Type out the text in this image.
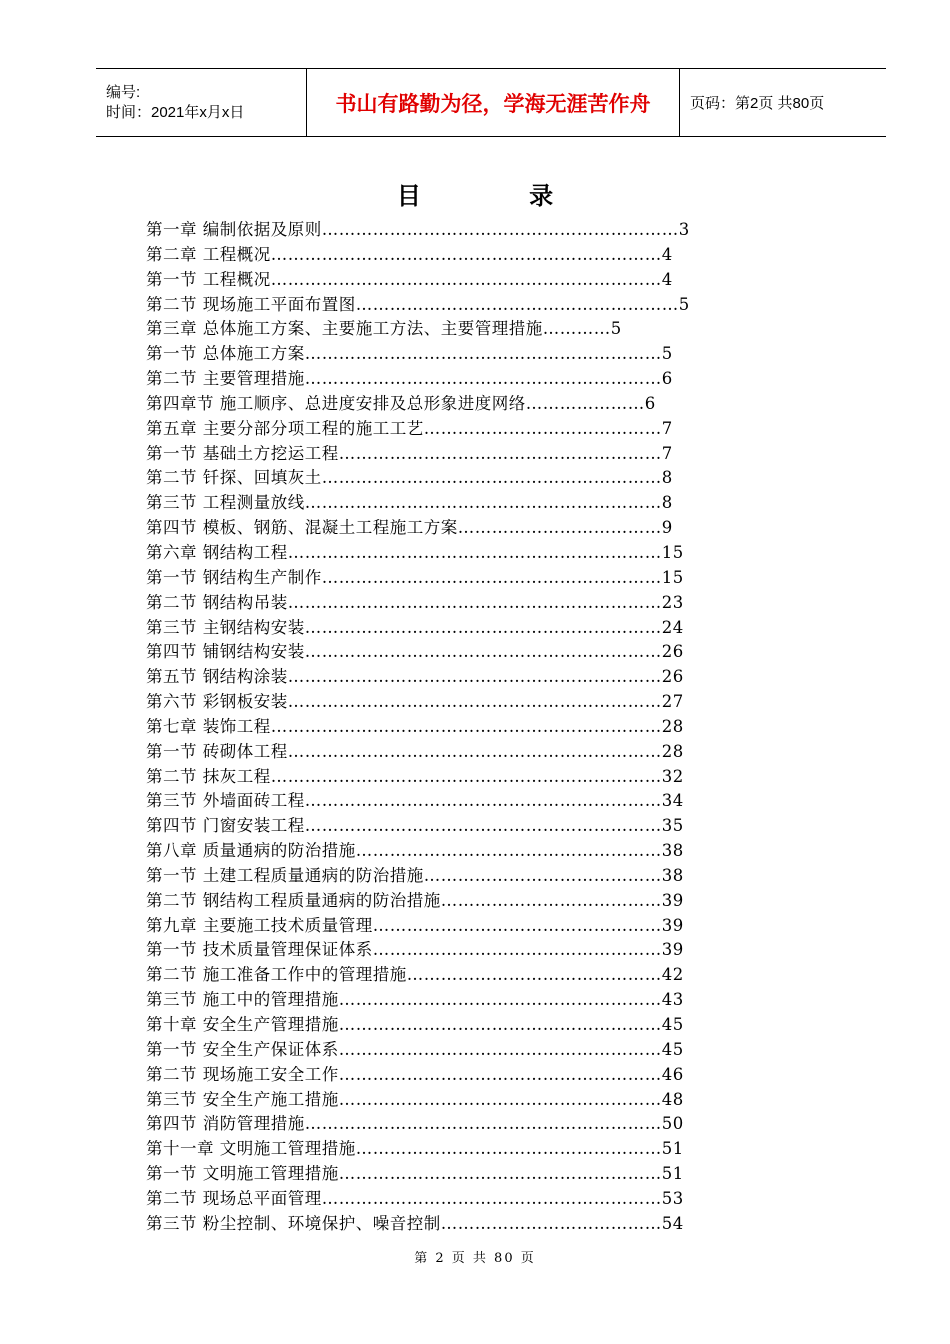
编号:
时间：2021年x月x日	书山有路勤为径，学海无涯苦作舟	页码：第2页 共80页
目 录
第一章 编制依据及原则………………………………………………………3
第二章 工程概况……………………………………………………………4
第一节 工程概况……………………………………………………………4
第二节 现场施工平面布置图…………………………………………………5
第三章 总体施工方案、主要施工方法、主要管理措施…………5
第一节 总体施工方案………………………………………………………5
第二节 主要管理措施………………………………………………………6
第四章节 施工顺序、总进度安排及总形象进度网络…………………6
第五章 主要分部分项工程的施工工艺……………………………………7
第一节 基础土方挖运工程…………………………………………………7
第二节 钎探、回填灰土……………………………………………………8
第三节 工程测量放线………………………………………………………8
第四节 模板、钢筋、混凝土工程施工方案………………………………9
第六章 钢结构工程…………………………………………………………15
第一节 钢结构生产制作……………………………………………………15
第二节 钢结构吊装…………………………………………………………23
第三节 主钢结构安装………………………………………………………24
第四节 铺钢结构安装………………………………………………………26
第五节 钢结构涂装…………………………………………………………26
第六节 彩钢板安装…………………………………………………………27
第七章 装饰工程……………………………………………………………28
第一节 砖砌体工程…………………………………………………………28
第二节 抹灰工程……………………………………………………………32
第三节 外墙面砖工程………………………………………………………34
第四节 门窗安装工程………………………………………………………35
第八章 质量通病的防治措施………………………………………………38
第一节 土建工程质量通病的防治措施……………………………………38
第二节 钢结构工程质量通病的防治措施…………………………………39
第九章 主要施工技术质量管理……………………………………………39
第一节 技术质量管理保证体系……………………………………………39
第二节 施工准备工作中的管理措施………………………………………42
第三节 施工中的管理措施…………………………………………………43
第十章 安全生产管理措施…………………………………………………45
第一节 安全生产保证体系…………………………………………………45
第二节 现场施工安全工作…………………………………………………46
第三节 安全生产施工措施…………………………………………………48
第四节 消防管理措施………………………………………………………50
第十一章 文明施工管理措施………………………………………………51
第一节 文明施工管理措施…………………………………………………51
第二节 现场总平面管理……………………………………………………53
第三节 粉尘控制、环境保护、噪音控制…………………………………54
第 2 页 共 80 页
